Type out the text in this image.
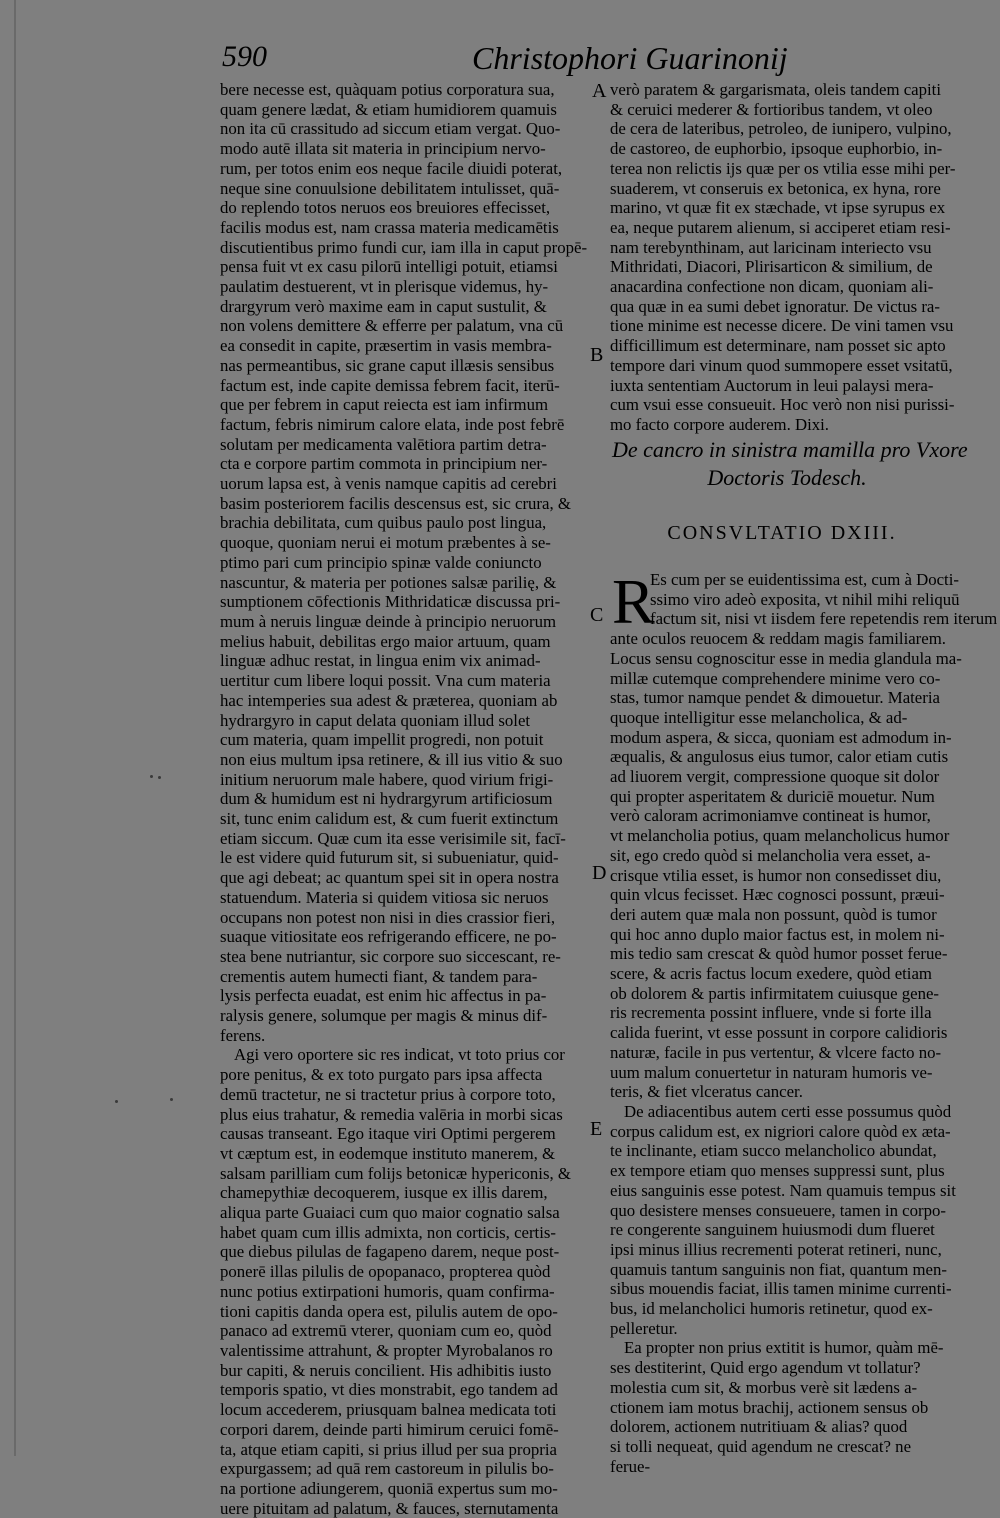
590	Christophori Guarinonij
bere necesse est, quàquam potius corporatura sua,
quam genere lædat, & etiam humidiorem quamuis
non ita cū crassitudo ad siccum etiam vergat. Quo-
modo autē illata sit materia in principium nervo-
rum, per totos enim eos neque facile diuidi poterat,
neque sine conuulsione debilitatem intulisset, quā-
do replendo totos neruos eos breuiores effecisset,
facilis modus est, nam crassa materia medicamētis
discutientibus primo fundi cur, iam illa in caput propē-
pensa fuit vt ex casu pilorū intelligi potuit, etiamsi
paulatim destuerent, vt in plerisque videmus, hy-
drargyrum verò maxime eam in caput sustulit, &
non volens demittere & efferre per palatum, vna cū
ea consedit in capite, præsertim in vasis membra-
nas permeantibus, sic grane caput illæsis sensibus
factum est, inde capite demissa febrem facit, iterū-
que per febrem in caput reiecta est iam infirmum
factum, febris nimirum calore elata, inde post febrē
solutam per medicamenta valētiora partim detra-
cta e corpore partim commota in principium ner-
uorum lapsa est, à venis namque capitis ad cerebri
basim posteriorem facilis descensus est, sic crura, &
brachia debilitata, cum quibus paulo post lingua,
quoque, quoniam nerui ei motum præbentes à se-
ptimo pari cum principio spinæ valde coniuncto
nascuntur, & materia per potiones salsæ parilię, &
sumptionem cōfectionis Mithridaticæ discussa pri-
mum à neruis linguæ deinde à principio neruorum
melius habuit, debilitas ergo maior artuum, quam
linguæ adhuc restat, in lingua enim vix animad-
uertitur cum libere loqui possit. Vna cum materia
hac intemperies sua adest & præterea, quoniam ab
hydrargyro in caput delata quoniam illud solet
cum materia, quam impellit progredi, non potuit
non eius multum ipsa retinere, & ill ius vitio & suo
initium neruorum male habere, quod virium frigi-
dum & humidum est ni hydrargyrum artificiosum
sit, tunc enim calidum est, & cum fuerit extinctum
etiam siccum. Quæ cum ita esse verisimile sit, facī-
le est videre quid futurum sit, si subueniatur, quid-
que agi debeat; ac quantum spei sit in opera nostra
statuendum. Materia si quidem vitiosa sic neruos
occupans non potest non nisi in dies crassior fieri,
suaque vitiositate eos refrigerando efficere, ne po-
stea bene nutriantur, sic corpore suo siccescant, re-
crementis autem humecti fiant, & tandem para-
lysis perfecta euadat, est enim hic affectus in pa-
ralysis genere, solumque per magis & minus dif-
ferens.
Agi vero oportere sic res indicat, vt toto prius cor
pore penitus, & ex toto purgato pars ipsa affecta
demū tractetur, ne si tractetur prius à corpore toto,
plus eius trahatur, & remedia valēria in morbi sicas
causas transeant. Ego itaque viri Optimi pergerem
vt cæptum est, in eodemque instituto manerem, &
salsam parilliam cum folijs betonicæ hypericonis, &
chamepythiæ decoquerem, iusque ex illis darem,
aliqua parte Guaiaci cum quo maior cognatio salsa
habet quam cum illis admixta, non corticis, certis-
que diebus pilulas de fagapeno darem, neque post-
ponerē illas pilulis de opopanaco, propterea quòd
nunc potius extirpationi humoris, quam confirma-
tioni capitis danda opera est, pilulis autem de opo-
panaco ad extremū vterer, quoniam cum eo, quòd
valentissime attrahunt, & propter Myrobalanos ro
bur capiti, & neruis concilient. His adhibitis iusto
temporis spatio, vt dies monstrabit, ego tandem ad
locum accederem, priusquam balnea medicata toti
corpori darem, deinde parti himirum ceruici fomē-
ta, atque etiam capiti, si prius illud per sua propria
expurgassem; ad quā rem castoreum in pilulis bo-
na portione adiungerem, quoniā expertus sum mo-
uere pituitam ad palatum, & fauces, sternutamenta
verò paratem & gargarismata, oleis tandem capiti
& ceruici mederer & fortioribus tandem, vt oleo
de cera de lateribus, petroleo, de iunipero, vulpino,
de castoreo, de euphorbio, ipsoque euphorbio, in-
terea non relictis ijs quæ per os vtilia esse mihi per-
suaderem, vt conseruis ex betonica, ex hyna, rore
marino, vt quæ fit ex stæchade, vt ipse syrupus ex
ea, neque putarem alienum, si acciperet etiam resi-
nam terebynthinam, aut laricinam interiecto vsu
Mithridati, Diacori, Plirisarticon & similium, de
anacardina confectione non dicam, quoniam ali-
qua quæ in ea sumi debet ignoratur. De victus ra-
tione minime est necesse dicere. De vini tamen vsu
difficillimum est determinare, nam posset sic apto
tempore dari vinum quod summopere esset vsitatū,
iuxta sententiam Auctorum in leui palaysi mera-
cum vsui esse consueuit. Hoc verò non nisi purissi-
mo facto corpore auderem. Dixi.
A
B
C
D
E
De cancro in sinistra mamilla pro Vxore
Doctoris Todesch.
CONSVLTATIO DXIII.
R
Es cum per se euidentissima est, cum à Docti-
ssimo viro adeò exposita, vt nihil mihi reliquū
factum sit, nisi vt iisdem fere repetendis rem iterum
ante oculos reuocem & reddam magis familiarem.
Locus sensu cognoscitur esse in media glandula ma-
millæ cutemque comprehendere minime vero co-
stas, tumor namque pendet & dimouetur. Materia
quoque intelligitur esse melancholica, & ad-
modum aspera, & sicca, quoniam est admodum in-
æqualis, & angulosus eius tumor, calor etiam cutis
ad liuorem vergit, compressione quoque sit dolor
qui propter asperitatem & duriciē mouetur. Num
verò caloram acrimoniamve contineat is humor,
vt melancholia potius, quam melancholicus humor
sit, ego credo quòd si melancholia vera esset, a-
crisque vtilia esset, is humor non consedisset diu,
quin vlcus fecisset. Hæc cognosci possunt, præui-
deri autem quæ mala non possunt, quòd is tumor
qui hoc anno duplo maior factus est, in molem ni-
mis tedio sam crescat & quòd humor posset ferue-
scere, & acris factus locum exedere, quòd etiam
ob dolorem & partis infirmitatem cuiusque gene-
ris recrementa possint influere, vnde si forte illa
calida fuerint, vt esse possunt in corpore calidioris
naturæ, facile in pus vertentur, & vlcere facto no-
uum malum conuertetur in naturam humoris ve-
teris, & fiet vlceratus cancer.
De adiacentibus autem certi esse possumus quòd
corpus calidum est, ex nigriori calore quòd ex æta-
te inclinante, etiam succo melancholico abundat,
ex tempore etiam quo menses suppressi sunt, plus
eius sanguinis esse potest. Nam quamuis tempus sit
quo desistere menses consueuere, tamen in corpo-
re congerente sanguinem huiusmodi dum flueret
ipsi minus illius recrementi poterat retineri, nunc,
quamuis tantum sanguinis non fiat, quantum men-
sibus mouendis faciat, illis tamen minime currenti-
bus, id melancholici humoris retinetur, quod ex-
pelleretur.
Ea propter non prius extitit is humor, quàm mē-
ses destiterint, Quid ergo agendum vt tollatur?
molestia cum sit, & morbus verè sit lædens a-
ctionem iam motus brachij, actionem sensus ob
dolorem, actionem nutritiuam & alias? quod
si tolli nequeat, quid agendum ne crescat? ne
ferue-
